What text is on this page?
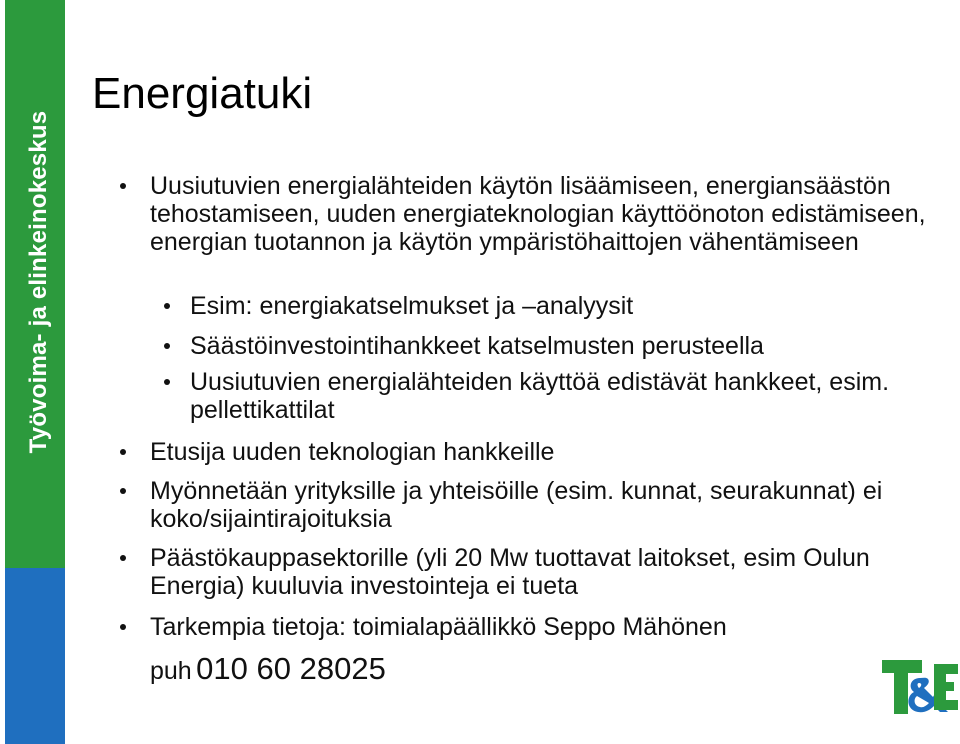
Työvoima- ja elinkeinokeskus
Energiatuki
Uusiutuvien energialähteiden käytön lisäämiseen, energiansäästön tehostamiseen, uuden energiateknologian käyttöönoton edistämiseen, energian tuotannon ja käytön ympäristöhaittojen vähentämiseen
Esim: energiakatselmukset ja –analyysit
Säästöinvestointihankkeet katselmusten perusteella
Uusiutuvien energialähteiden käyttöä edistävät hankkeet, esim. pellettikattilat
Etusija uuden teknologian hankkeille
Myönnetään yrityksille ja yhteisöille (esim. kunnat, seurakunnat) ei koko/sijaintirajoituksia
Päästökauppasektorille (yli 20 Mw tuottavat laitokset, esim Oulun Energia) kuuluvia investointeja ei tueta
Tarkempia tietoja: toimialapäällikkö Seppo Mähönen
puh 010 60 28025
